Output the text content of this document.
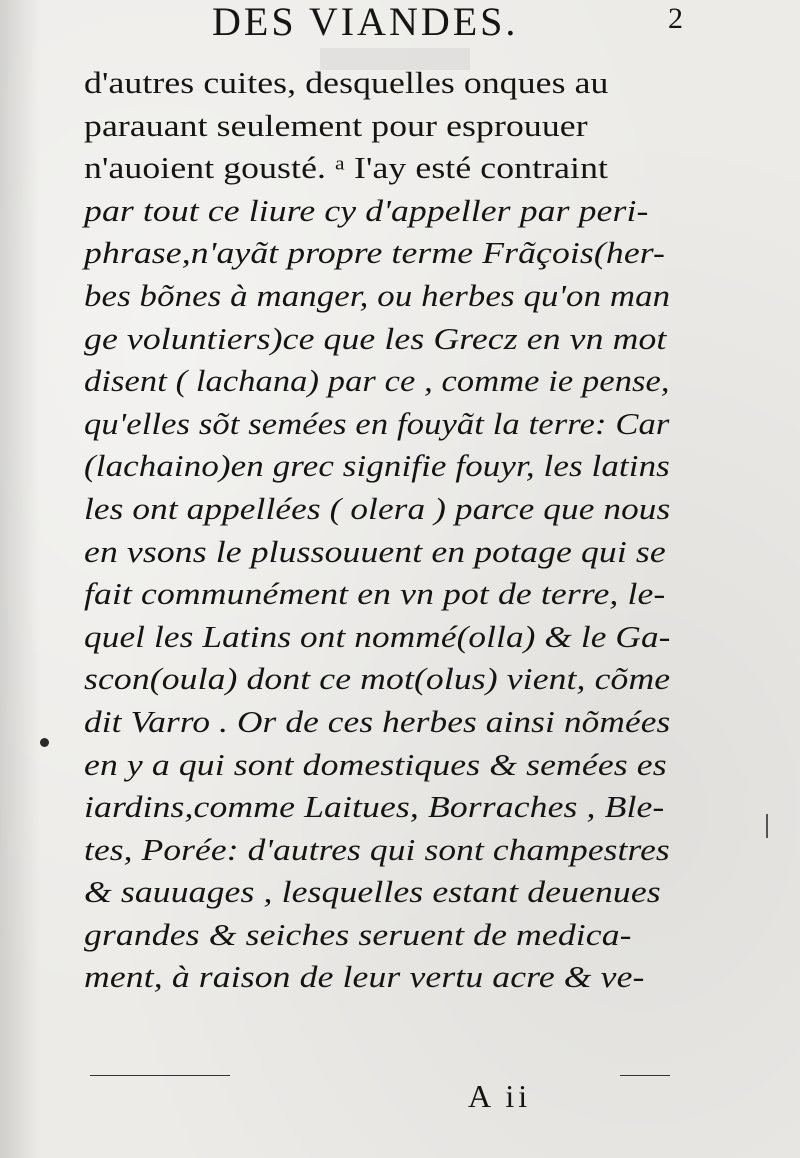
DES VIANDES.	2
d'autres cuites, desquelles onques au
parauant seulement pour esprouuer
n'auoient gousté. ᵃ I'ay esté contraint
par tout ce liure cy d'appeller par peri-
phrase,n'ayãt propre terme Frãçois(her-
bes bõnes à manger, ou herbes qu'on man
ge voluntiers)ce que les Grecz en vn mot
disent ( lachana) par ce , comme ie pense,
qu'elles sõt semées en fouyãt la terre: Car
(lachaino)en grec signifie fouyr, les latins
les ont appellées ( olera ) parce que nous
en vsons le plussouuent en potage qui se
fait communément en vn pot de terre, le-
quel les Latins ont nommé(olla) & le Ga-
scon(oula) dont ce mot(olus) vient, cõme
dit Varro . Or de ces herbes ainsi nõmées
en y a qui sont domestiques & semées es
iardins,comme Laitues, Borraches , Ble-
tes, Porée: d'autres qui sont champestres
& sauuages , lesquelles estant deuenues
grandes & seiches seruent de medica-
ment, à raison de leur vertu acre & ve-
A ii
